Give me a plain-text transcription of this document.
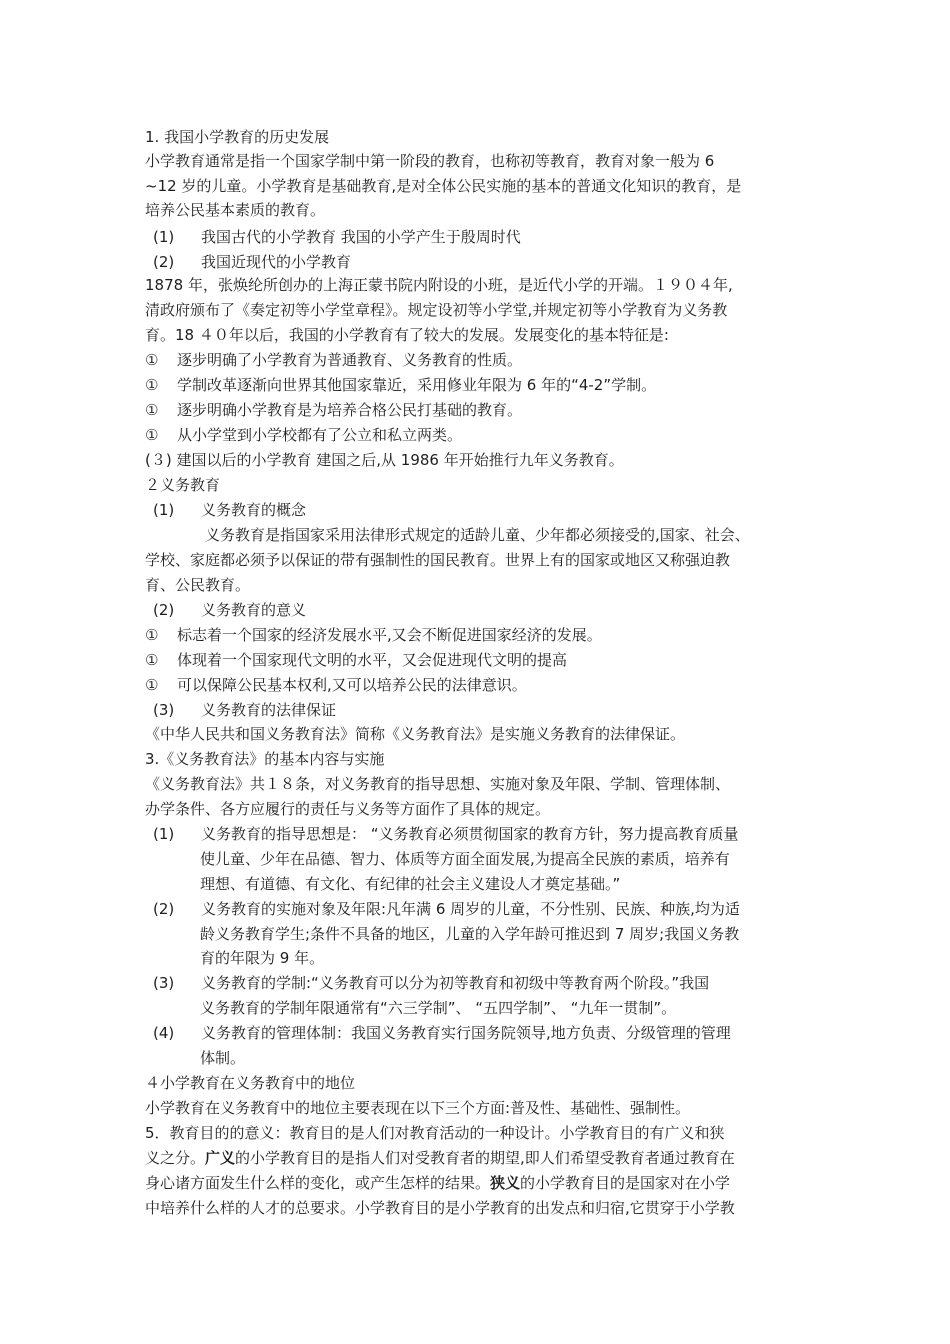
1. 我国小学教育的历史发展
小学教育通常是指一个国家学制中第一阶段的教育，也称初等教育，教育对象一般为 6
~12 岁的儿童。小学教育是基础教育,是对全体公民实施的基本的普通文化知识的教育，是
培养公民基本素质的教育。
(1) 我国古代的小学教育 我国的小学产生于殷周时代
(2) 我国近现代的小学教育
1878 年，张焕纶所创办的上海正蒙书院内附设的小班，是近代小学的开端。１９０４年,
清政府颁布了《奏定初等小学堂章程》。规定设初等小学堂,并规定初等小学教育为义务教
育。18 ４０年以后，我国的小学教育有了较大的发展。发展变化的基本特征是:
① 逐步明确了小学教育为普通教育、义务教育的性质。
① 学制改革逐渐向世界其他国家靠近，采用修业年限为 6 年的“4-2”学制。
① 逐步明确小学教育是为培养合格公民打基础的教育。
① 从小学堂到小学校都有了公立和私立两类。
(３) 建国以后的小学教育 建国之后,从 1986 年开始推行九年义务教育。
２义务教育
(1) 义务教育的概念
义务教育是指国家采用法律形式规定的适龄儿童、少年都必须接受的,国家、社会、
学校、家庭都必须予以保证的带有强制性的国民教育。世界上有的国家或地区又称强迫教
育、公民教育。
(2) 义务教育的意义
① 标志着一个国家的经济发展水平,又会不断促进国家经济的发展。
① 体现着一个国家现代文明的水平，又会促进现代文明的提高
① 可以保障公民基本权利,又可以培养公民的法律意识。
(3) 义务教育的法律保证
《中华人民共和国义务教育法》简称《义务教育法》是实施义务教育的法律保证。
3.《义务教育法》的基本内容与实施
《义务教育法》共１８条，对义务教育的指导思想、实施对象及年限、学制、管理体制、
办学条件、各方应履行的责任与义务等方面作了具体的规定。
(1) 义务教育的指导思想是： “义务教育必须贯彻国家的教育方针，努力提高教育质量
使儿童、少年在品德、智力、体质等方面全面发展,为提高全民族的素质，培养有
理想、有道德、有文化、有纪律的社会主义建设人才奠定基础。”
(2) 义务教育的实施对象及年限:凡年满 6 周岁的儿童，不分性别、民族、种族,均为适
龄义务教育学生;条件不具备的地区，儿童的入学年龄可推迟到 7 周岁;我国义务教
育的年限为 9 年。
(3) 义务教育的学制:“义务教育可以分为初等教育和初级中等教育两个阶段。”我国
义务教育的学制年限通常有“六三学制”、 “五四学制”、 “九年一贯制”。
(4) 义务教育的管理体制：我国义务教育实行国务院领导,地方负责、分级管理的管理
体制。
４小学教育在义务教育中的地位
小学教育在义务教育中的地位主要表现在以下三个方面:普及性、基础性、强制性。
5．教育目的的意义：教育目的是人们对教育活动的一种设计。小学教育目的有广义和狭
义之分。广义的小学教育目的是指人们对受教育者的期望,即人们希望受教育者通过教育在
身心诸方面发生什么样的变化，或产生怎样的结果。狭义的小学教育目的是国家对在小学
中培养什么样的人才的总要求。小学教育目的是小学教育的出发点和归宿,它贯穿于小学教
